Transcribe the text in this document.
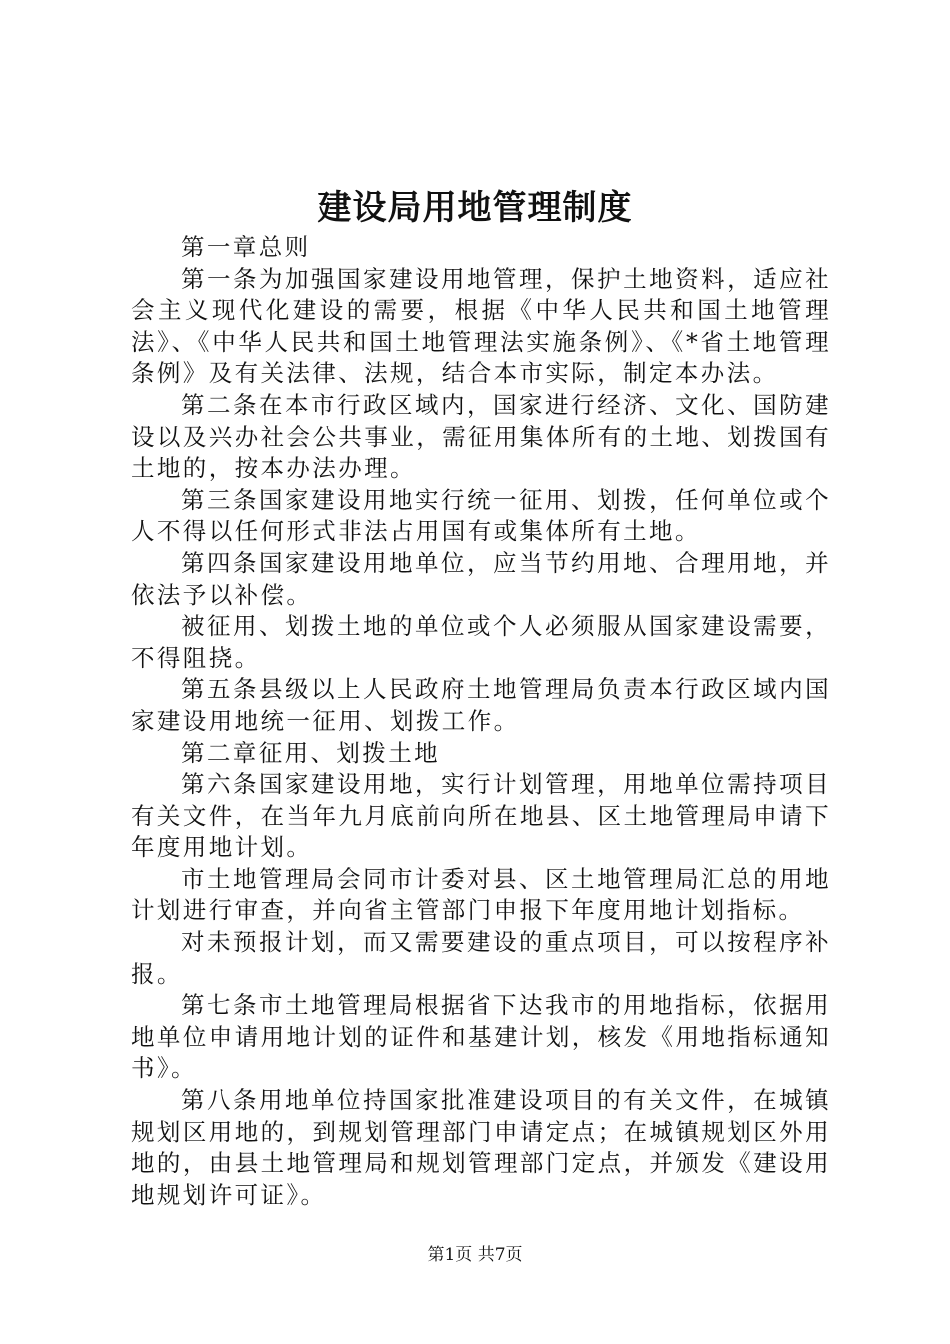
建设局用地管理制度

第一章总则

第一条为加强国家建设用地管理，保护土地资料，适应社会主义现代化建设的需要，根据《中华人民共和国土地管理法》、《中华人民共和国土地管理法实施条例》、《*省土地管理条例》及有关法律、法规，结合本市实际，制定本办法。

第二条在本市行政区域内，国家进行经济、文化、国防建设以及兴办社会公共事业，需征用集体所有的土地、划拨国有土地的，按本办法办理。

第三条国家建设用地实行统一征用、划拨，任何单位或个人不得以任何形式非法占用国有或集体所有土地。

第四条国家建设用地单位，应当节约用地、合理用地，并依法予以补偿。

被征用、划拨土地的单位或个人必须服从国家建设需要，不得阻挠。

第五条县级以上人民政府土地管理局负责本行政区域内国家建设用地统一征用、划拨工作。

第二章征用、划拨土地

第六条国家建设用地，实行计划管理，用地单位需持项目有关文件，在当年九月底前向所在地县、区土地管理局申请下年度用地计划。

市土地管理局会同市计委对县、区土地管理局汇总的用地计划进行审查，并向省主管部门申报下年度用地计划指标。

对未预报计划，而又需要建设的重点项目，可以按程序补报。

第七条市土地管理局根据省下达我市的用地指标，依据用地单位申请用地计划的证件和基建计划，核发《用地指标通知书》。

第八条用地单位持国家批准建设项目的有关文件，在城镇规划区用地的，到规划管理部门申请定点；在城镇规划区外用地的，由县土地管理局和规划管理部门定点，并颁发《建设用地规划许可证》。

第1页 共7页
